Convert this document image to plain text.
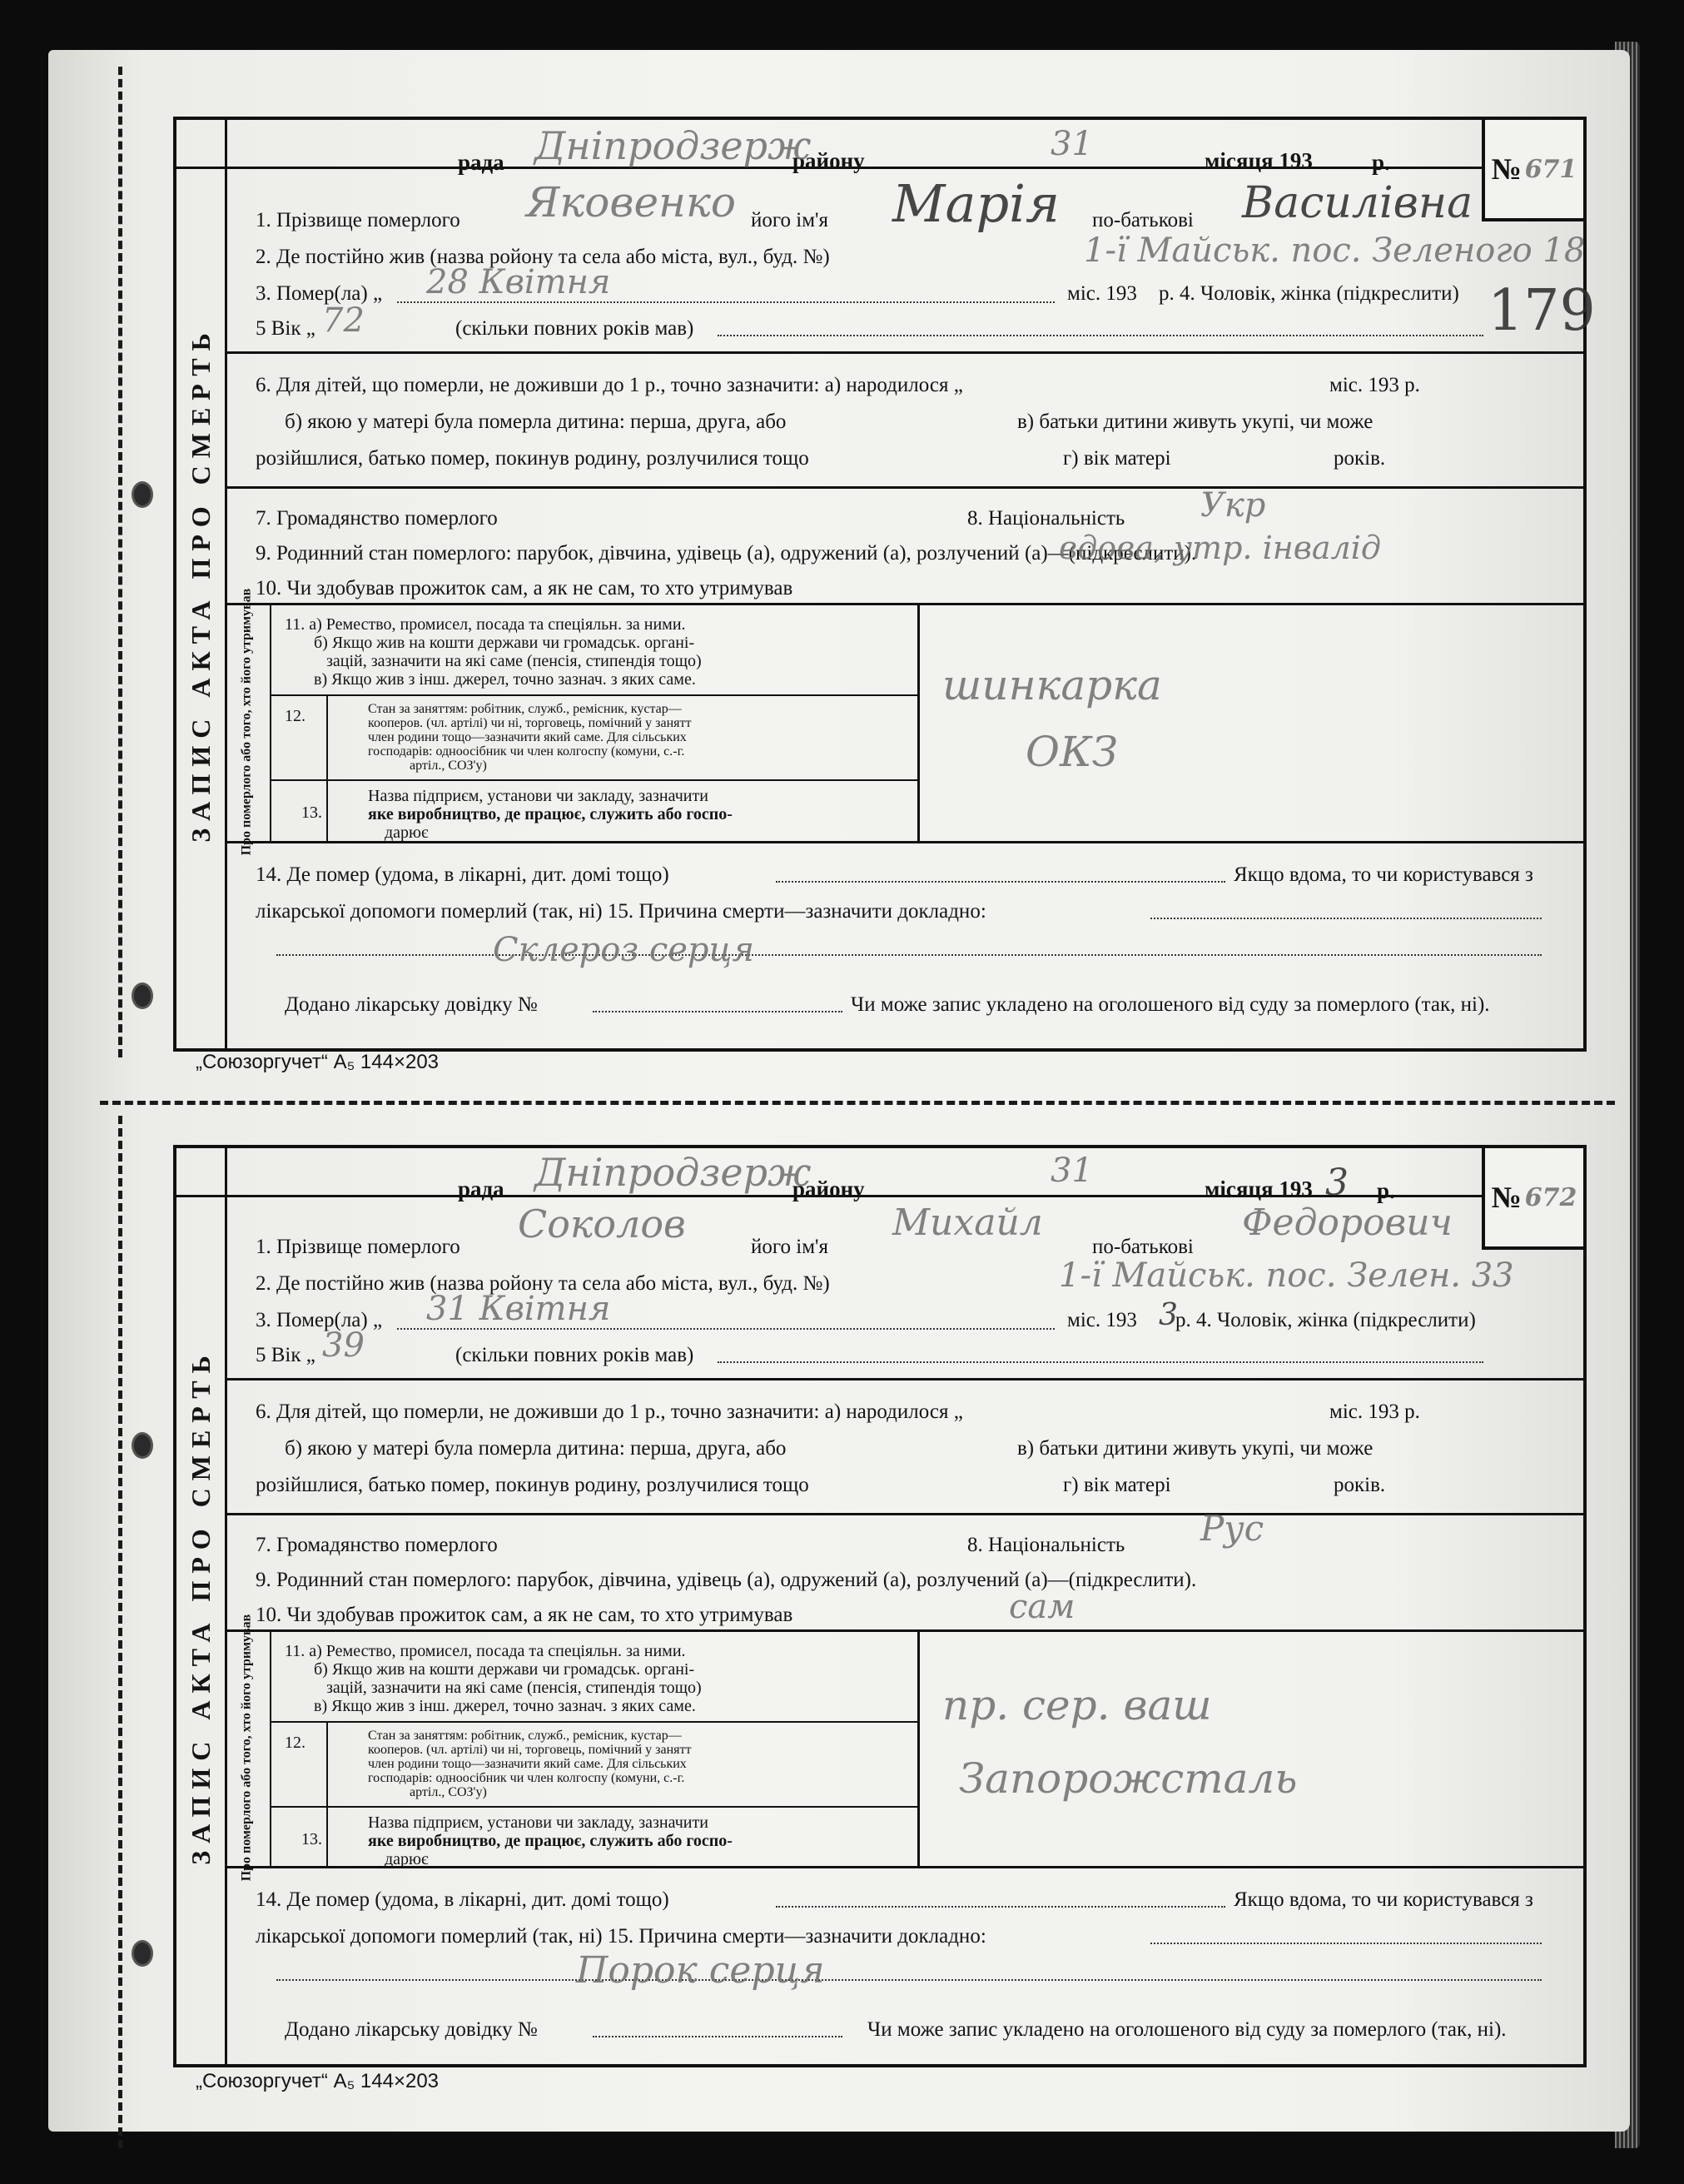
ЗАПИС АКТА ПРО СМЕРТЬ
рада	району	місяця 193	р.
Дніпродзерж	31
№ 671
1. Прізвище померлого	його ім'я	по-батькові
Яковенко	Марія	Василівна
2. Де постійно жив (назва ройону та села або міста, вул., буд. №)	1-ї Майськ. пос. Зеленого 18
3. Помер(ла) „ 28 Квітня	міс. 193 р. 4. Чоловік, жінка (підкреслити)
5 Вік „ 72	(скільки повних років мав)	179
6. Для дітей, що померли, не доживши до 1 р., точно зазначити: а) народилося „	міс. 193 р.
б) якою у матері була померла дитина: перша, друга, або	в) батьки дитини живуть укупі, чи може
розійшлися, батько помер, покинув родину, розлучилися тощо	г) вік матері	років.
7. Громадянство померлого	8. Національність Укр
9. Родинний стан померлого: парубок, дівчина, удівець (а), одружений (а), розлучений (а)—(підкреслити).
вдова, утр. інвалід
10. Чи здобував прожиток сам, а як не сам, то хто утримував
Про померлого або того, хто його утримував 11. а) Ремество, промисел, посада та спеціяльн. за ними.
б) Якщо жив на кошти держави чи громадськ. органі-
зацій, зазначити на які саме (пенсія, стипендія тощо)
в) Якщо жив з інш. джерел, точно зазнач. з яких саме.	шинкарка
12.	Стан за заняттям: робітник, служб., ремісник, кустар—
кооперов. (чл. артілі) чи ні, торговець, помічний у занятт
член родини тощо—зазначити який саме. Для сільських
господарів: одноосібник чи член колгоспу (комуни, с.-г.
артіл., СОЗ'у)	ОКЗ
13.
Назва підприєм, установи чи закладу, зазначити
яке виробництво, де працює, служить або госпо-
дарює
14. Де помер (удома, в лікарні, дит. домі тощо)	Якщо вдома, то чи користувався з
лікарської допомоги померлий (так, ні) 15. Причина смерти—зазначити докладно:
Склероз серця
Додано лікарську довідку №	Чи може запис укладено на оголошеного від суду за померлого (так, ні).
„Союзоргучет“ А₅ 144×203
ЗАПИС АКТА ПРО СМЕРТЬ
рада	району	місяця 193 3 р.
Дніпродзерж	31
№ 672
1. Прізвище померлого	його ім'я	по-батькові
Соколов	Михайл	Федорович
2. Де постійно жив (назва ройону та села або міста, вул., буд. №)	1-ї Майськ. пос. Зелен. 33
3. Помер(ла) „ 31 Квітня	міс. 193 3
р. 4. Чоловік, жінка (підкреслити)
5 Вік „ 39	(скільки повних років мав)
6. Для дітей, що померли, не доживши до 1 р., точно зазначити: а) народилося „	міс. 193 р.
б) якою у матері була померла дитина: перша, друга, або	в) батьки дитини живуть укупі, чи може
розійшлися, батько помер, покинув родину, розлучилися тощо	г) вік матері	років.
7. Громадянство померлого	8. Національність Рус
9. Родинний стан померлого: парубок, дівчина, удівець (а), одружений (а), розлучений (а)—(підкреслити).
10. Чи здобував прожиток сам, а як не сам, то хто утримував	сам
Про померлого або того, хто його утримував 11. а) Ремество, промисел, посада та спеціяльн. за ними.
б) Якщо жив на кошти держави чи громадськ. органі-
зацій, зазначити на які саме (пенсія, стипендія тощо)
в) Якщо жив з інш. джерел, точно зазнач. з яких саме.	пр. сер. ваш
12.	Стан за заняттям: робітник, служб., ремісник, кустар—
кооперов. (чл. артілі) чи ні, торговець, помічний у занятт
член родини тощо—зазначити який саме. Для сільських
господарів: одноосібник чи член колгоспу (комуни, с.-г.
артіл., СОЗ'у)	Запорожсталь
13.
Назва підприєм, установи чи закладу, зазначити
яке виробництво, де працює, служить або госпо-
дарює
14. Де помер (удома, в лікарні, дит. домі тощо)	Якщо вдома, то чи користувався з
лікарської допомоги померлий (так, ні) 15. Причина смерти—зазначити докладно:
Порок серця
Додано лікарську довідку №	Чи може запис укладено на оголошеного від суду за померлого (так, ні).
„Союзоргучет“ А₅ 144×203
